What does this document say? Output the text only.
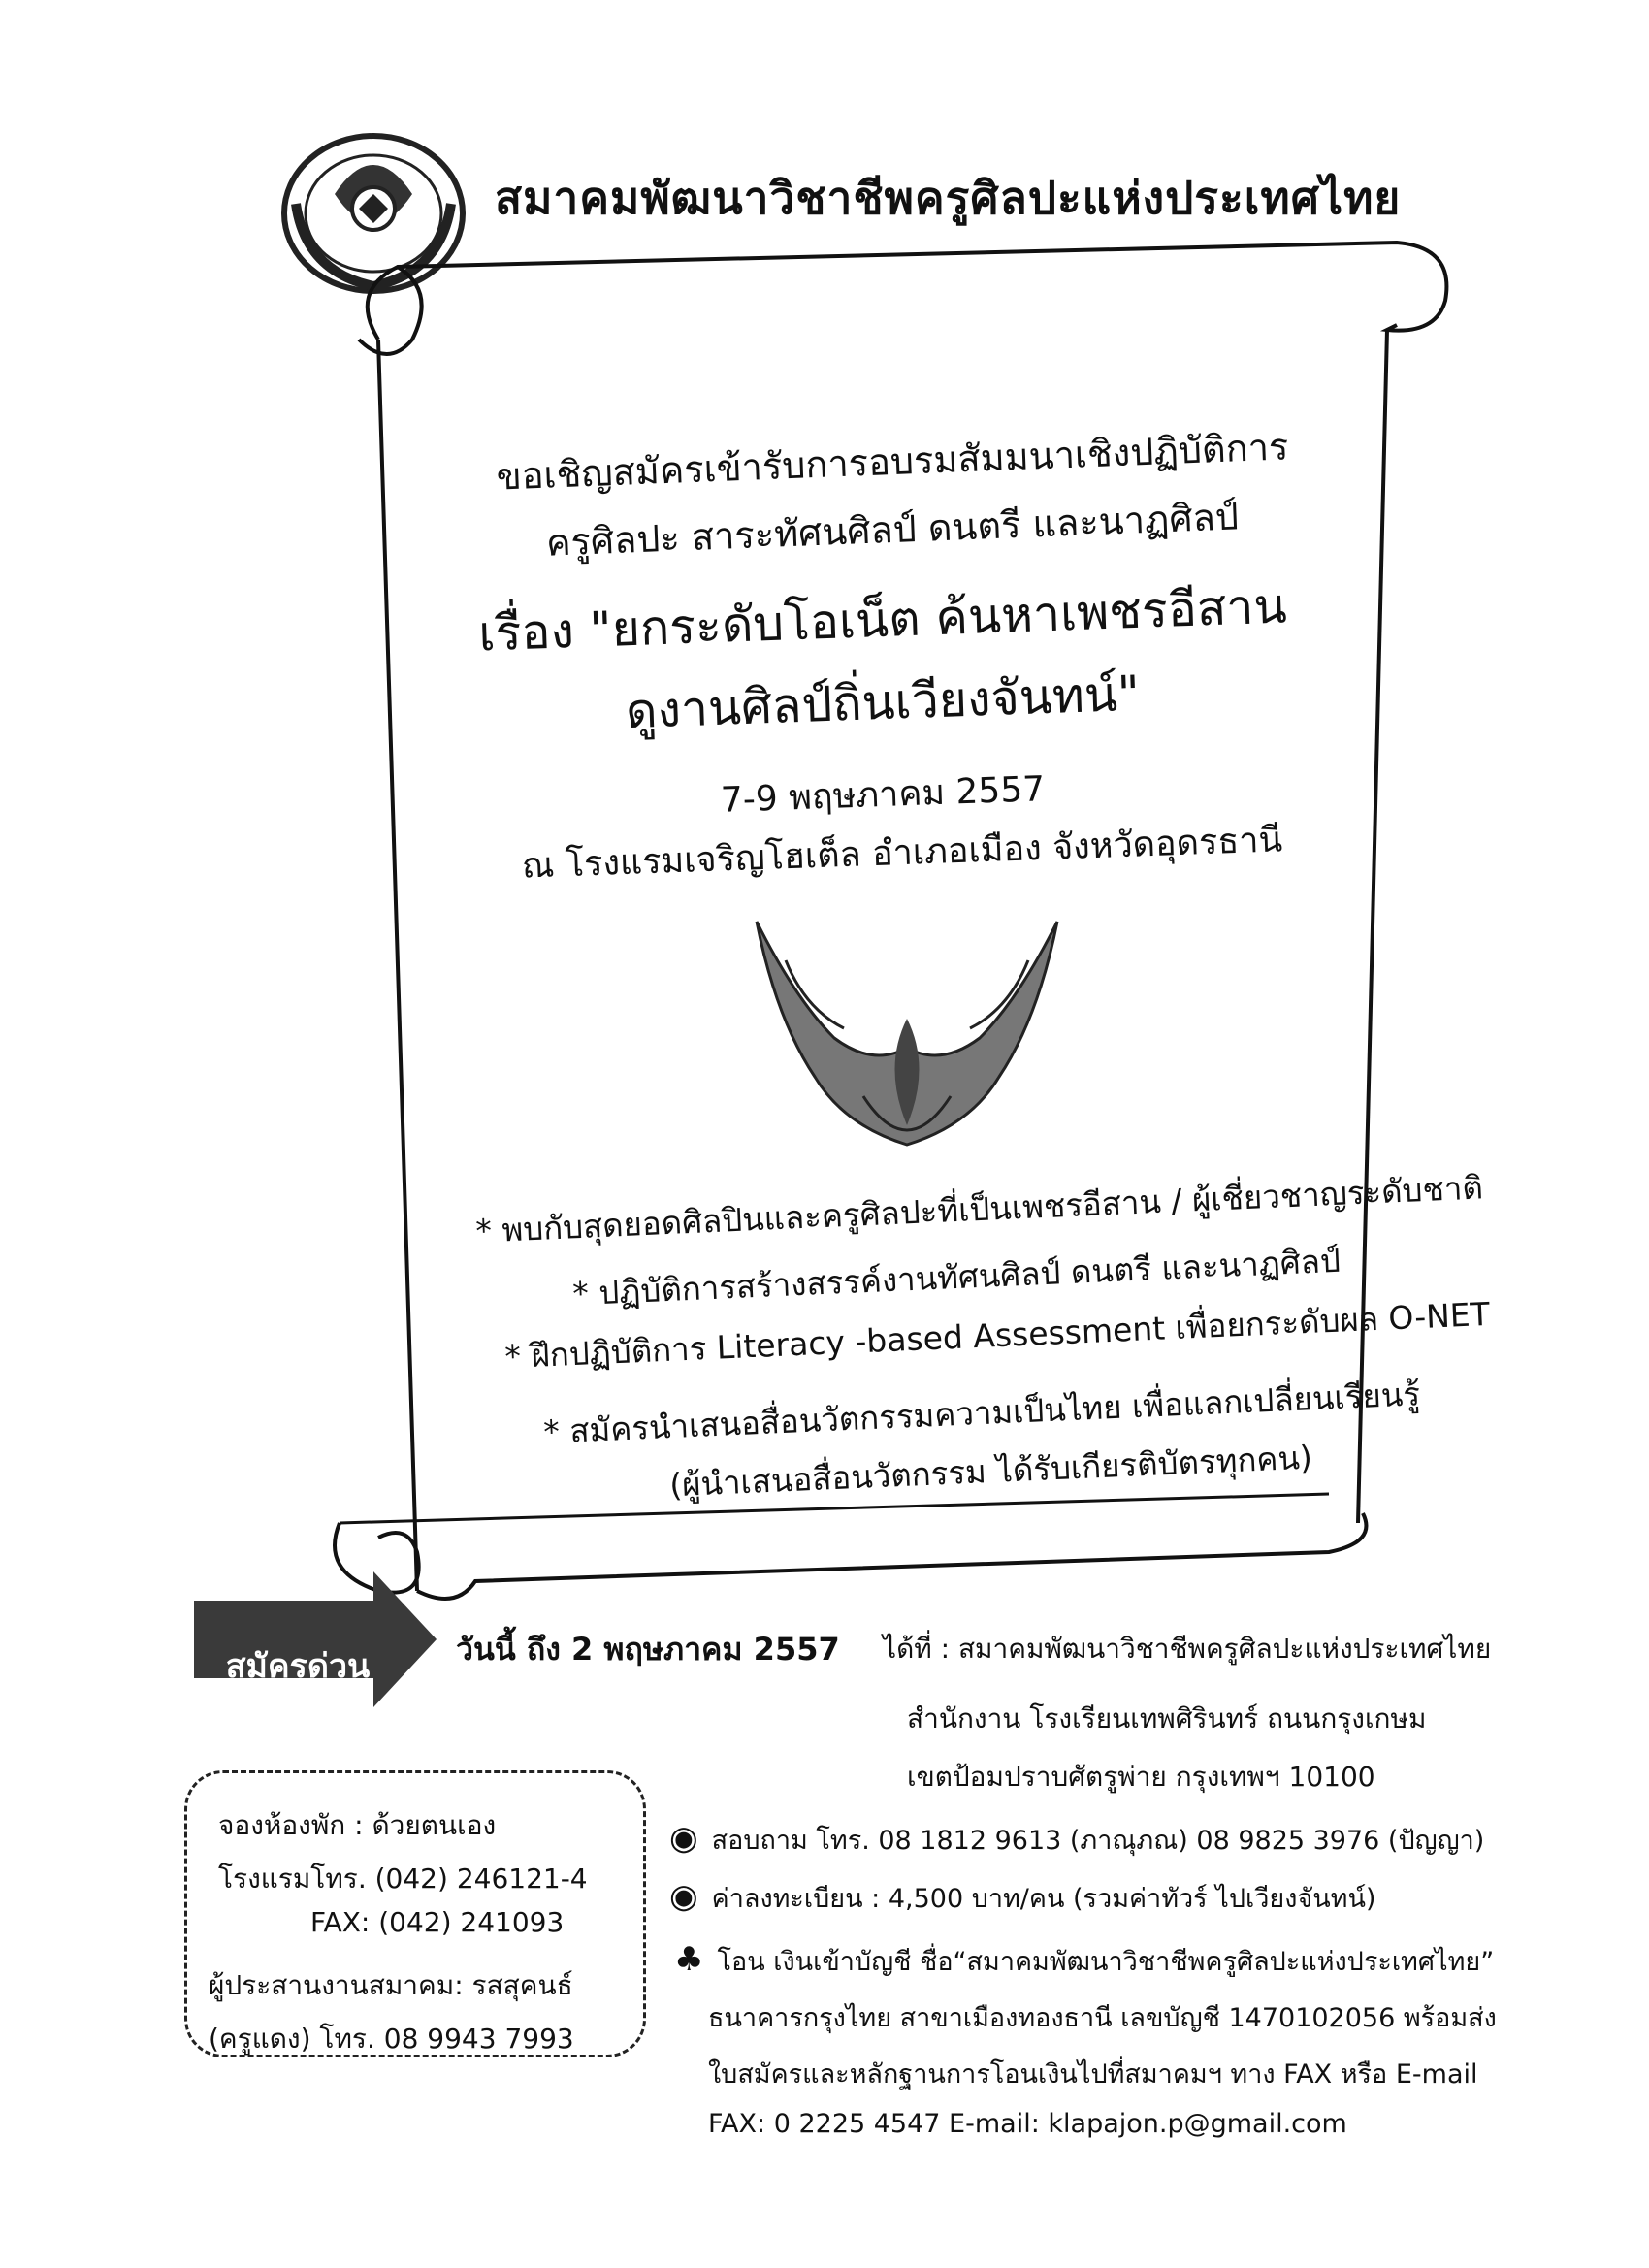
สมาคมพัฒนาวิชาชีพครูศิลปะแห่งประเทศไทย
ขอเชิญสมัครเข้ารับการอบรมสัมมนาเชิงปฏิบัติการ
ครูศิลปะ สาระทัศนศิลป์ ดนตรี และนาฏศิลป์
เรื่อง "ยกระดับโอเน็ต ค้นหาเพชรอีสาน
ดูงานศิลป์ถิ่นเวียงจันทน์"
7-9 พฤษภาคม 2557
ณ โรงแรมเจริญโฮเต็ล อำเภอเมือง จังหวัดอุดรธานี
* พบกับสุดยอดศิลปินและครูศิลปะที่เป็นเพชรอีสาน / ผู้เชี่ยวชาญระดับชาติ
* ปฏิบัติการสร้างสรรค์งานทัศนศิลป์ ดนตรี และนาฏศิลป์
* ฝึกปฏิบัติการ Literacy -based Assessment เพื่อยกระดับผล O-NET
* สมัครนำเสนอสื่อนวัตกรรมความเป็นไทย เพื่อแลกเปลี่ยนเรียนรู้
(ผู้นำเสนอสื่อนวัตกรรม ได้รับเกียรติบัตรทุกคน)
สมัครด่วน	วันนี้ ถึง 2 พฤษภาคม 2557 ได้ที่ : สมาคมพัฒนาวิชาชีพครูศิลปะแห่งประเทศไทย
สำนักงาน โรงเรียนเทพศิรินทร์ ถนนกรุงเกษม
เขตป้อมปราบศัตรูพ่าย กรุงเทพฯ 10100
จองห้องพัก : ด้วยตนเอง
โรงแรมโทร. (042) 246121-4
FAX: (042) 241093
ผู้ประสานงานสมาคม: รสสุคนธ์
(ครูแดง) โทร. 08 9943 7993
◉ สอบถาม โทร. 08 1812 9613 (ภาณุภณ) 08 9825 3976 (ปัญญา)
◉ ค่าลงทะเบียน : 4,500 บาท/คน (รวมค่าทัวร์ ไปเวียงจันทน์)
♣ โอน เงินเข้าบัญชี ชื่อ“สมาคมพัฒนาวิชาชีพครูศิลปะแห่งประเทศไทย”
ธนาคารกรุงไทย สาขาเมืองทองธานี เลขบัญชี 1470102056 พร้อมส่ง
ใบสมัครและหลักฐานการโอนเงินไปที่สมาคมฯ ทาง FAX หรือ E-mail
FAX: 0 2225 4547 E-mail: klapajon.p@gmail.com
